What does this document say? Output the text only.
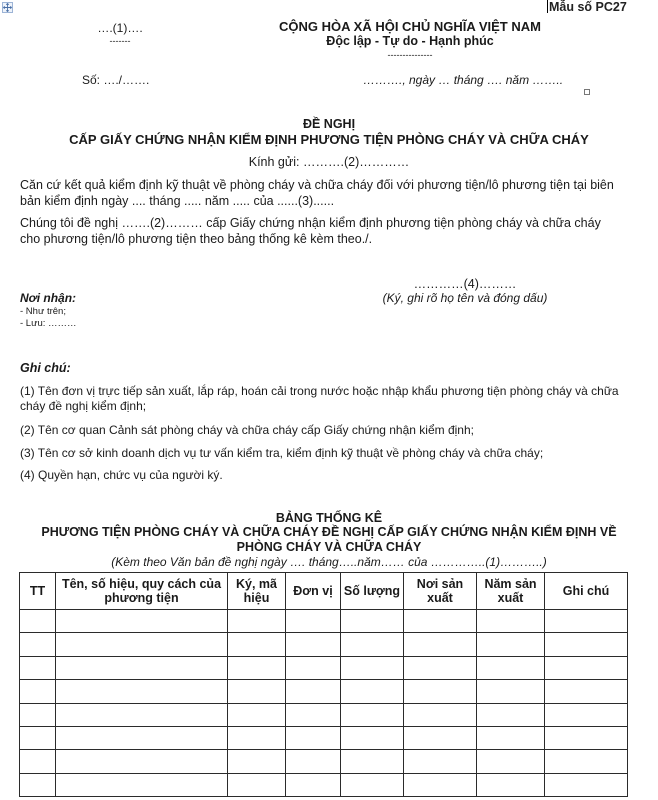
Mẫu số PC27
….(1)….
-------
CỘNG HÒA XÃ HỘI CHỦ NGHĨA VIỆT NAM
Độc lập - Tự do - Hạnh phúc
---------------
Số: …./…….	………., ngày … tháng …. năm ……..
ĐỀ NGHỊ
CẤP GIẤY CHỨNG NHẬN KIỂM ĐỊNH PHƯƠNG TIỆN PHÒNG CHÁY VÀ CHỮA CHÁY
Kính gửi: ……….(2)…………
Căn cứ kết quả kiểm định kỹ thuật về phòng cháy và chữa cháy đối với phương tiện/lô phương tiện tại biên bản kiểm định ngày .... tháng ..... năm ..... của ......(3)......
Chúng tôi đề nghị …….(2)……… cấp Giấy chứng nhận kiểm định phương tiện phòng cháy và chữa cháy cho phương tiện/lô phương tiện theo bảng thống kê kèm theo./.
…………(4)………
(Ký, ghi rõ họ tên và đóng dấu)
Nơi nhận:
- Như trên;
- Lưu: ………
Ghi chú:
(1) Tên đơn vị trực tiếp sản xuất, lắp ráp, hoán cải trong nước hoặc nhập khẩu phương tiện phòng cháy và chữa cháy đề nghị kiểm định;
(2) Tên cơ quan Cảnh sát phòng cháy và chữa cháy cấp Giấy chứng nhận kiểm định;
(3) Tên cơ sở kinh doanh dịch vụ tư vấn kiểm tra, kiểm định kỹ thuật về phòng cháy và chữa cháy;
(4) Quyền hạn, chức vụ của người ký.
BẢNG THỐNG KÊ
PHƯƠNG TIỆN PHÒNG CHÁY VÀ CHỮA CHÁY ĐỀ NGHỊ CẤP GIẤY CHỨNG NHẬN KIỂM ĐỊNH VỀ
PHÒNG CHÁY VÀ CHỮA CHÁY
(Kèm theo Văn bản đề nghị ngày …. tháng…..năm…… của …………..(1)………..)
TT	Tên, số hiệu, quy cách của phương tiện	Ký, mã hiệu	Đơn vị	Số lượng	Nơi sản xuất	Năm sản xuất	Ghi chú
